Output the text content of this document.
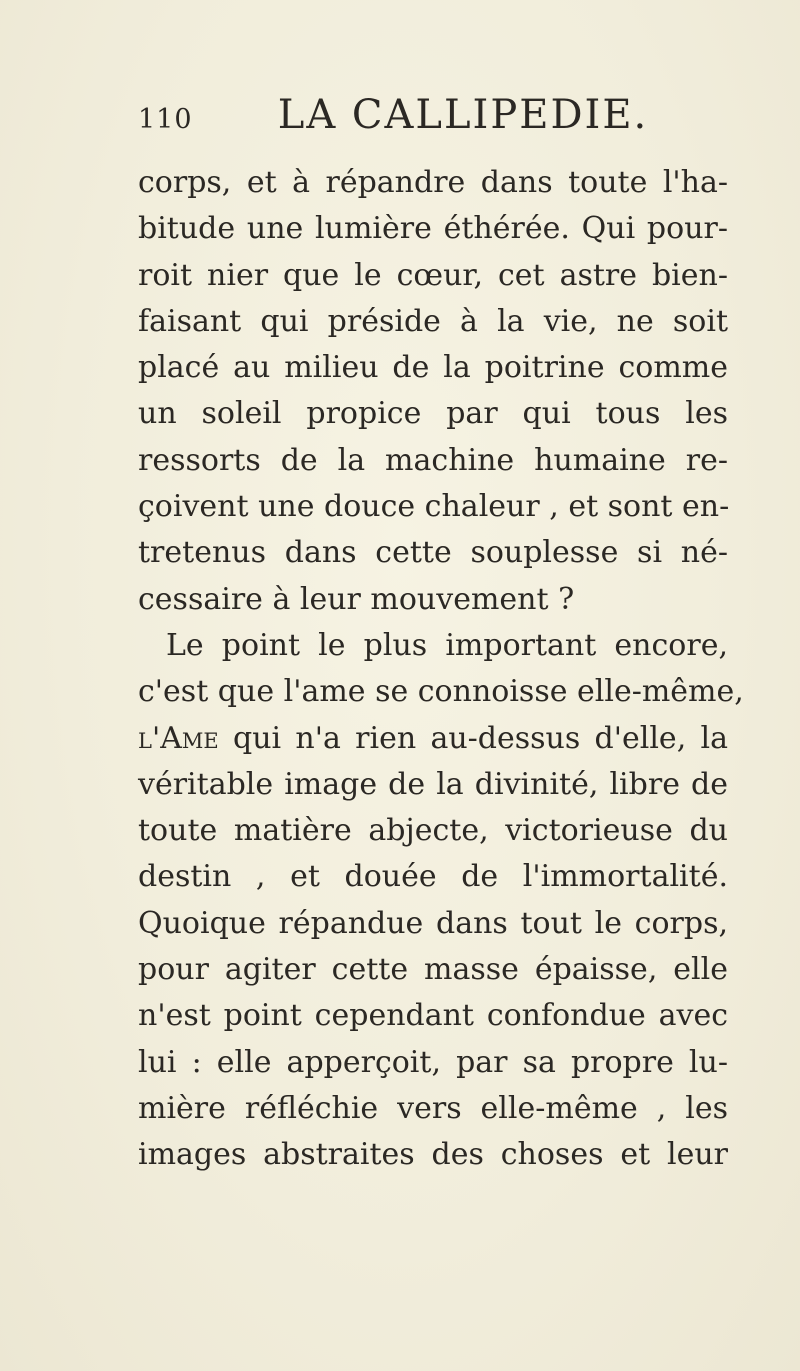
110	LA CALLIPEDIE.
corps, et à répandre dans toute l'ha-
bitude une lumière éthérée. Qui pour-
roit nier que le cœur, cet astre bien-
faisant qui préside à la vie, ne soit
placé au milieu de la poitrine comme
un soleil propice par qui tous les
ressorts de la machine humaine re-
çoivent une douce chaleur , et sont en-
tretenus dans cette souplesse si né-
cessaire à leur mouvement ?
Le point le plus important encore,
c'est que l'ame se connoisse elle-même,
l'Ame qui n'a rien au-dessus d'elle, la
véritable image de la divinité, libre de
toute matière abjecte, victorieuse du
destin , et douée de l'immortalité.
Quoique répandue dans tout le corps,
pour agiter cette masse épaisse, elle
n'est point cependant confondue avec
lui : elle apperçoit, par sa propre lu-
mière réfléchie vers elle-même , les
images abstraites des choses et leur
